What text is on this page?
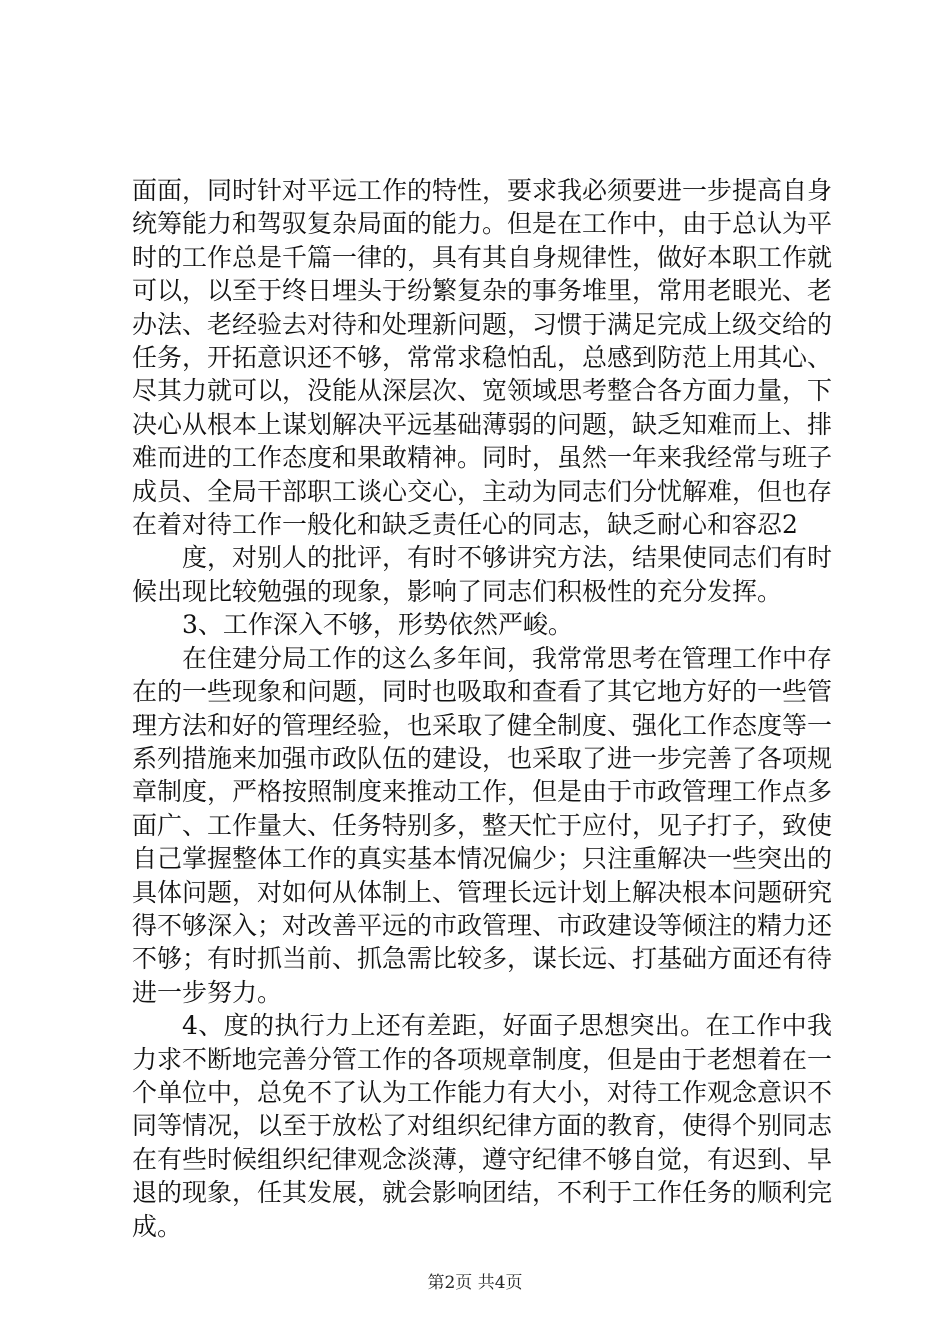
面面，同时针对平远工作的特性，要求我必须要进一步提高自身统筹能力和驾驭复杂局面的能力。但是在工作中，由于总认为平时的工作总是千篇一律的，具有其自身规律性，做好本职工作就可以，以至于终日埋头于纷繁复杂的事务堆里，常用老眼光、老办法、老经验去对待和处理新问题，习惯于满足完成上级交给的任务，开拓意识还不够，常常求稳怕乱，总感到防范上用其心、尽其力就可以，没能从深层次、宽领域思考整合各方面力量，下决心从根本上谋划解决平远基础薄弱的问题，缺乏知难而上、排难而进的工作态度和果敢精神。同时，虽然一年来我经常与班子成员、全局干部职工谈心交心，主动为同志们分忧解难，但也存在着对待工作一般化和缺乏责任心的同志，缺乏耐心和容忍2

度，对别人的批评，有时不够讲究方法，结果使同志们有时候出现比较勉强的现象，影响了同志们积极性的充分发挥。

3、工作深入不够，形势依然严峻。

在住建分局工作的这么多年间，我常常思考在管理工作中存在的一些现象和问题，同时也吸取和查看了其它地方好的一些管理方法和好的管理经验，也采取了健全制度、强化工作态度等一系列措施来加强市政队伍的建设，也采取了进一步完善了各项规章制度，严格按照制度来推动工作，但是由于市政管理工作点多面广、工作量大、任务特别多，整天忙于应付，见子打子，致使自己掌握整体工作的真实基本情况偏少；只注重解决一些突出的具体问题，对如何从体制上、管理长远计划上解决根本问题研究得不够深入；对改善平远的市政管理、市政建设等倾注的精力还不够；有时抓当前、抓急需比较多，谋长远、打基础方面还有待进一步努力。

4、度的执行力上还有差距，好面子思想突出。在工作中我力求不断地完善分管工作的各项规章制度，但是由于老想着在一个单位中，总免不了认为工作能力有大小，对待工作观念意识不同等情况，以至于放松了对组织纪律方面的教育，使得个别同志在有些时候组织纪律观念淡薄，遵守纪律不够自觉，有迟到、早退的现象，任其发展，就会影响团结，不利于工作任务的顺利完成。

第2页 共4页
